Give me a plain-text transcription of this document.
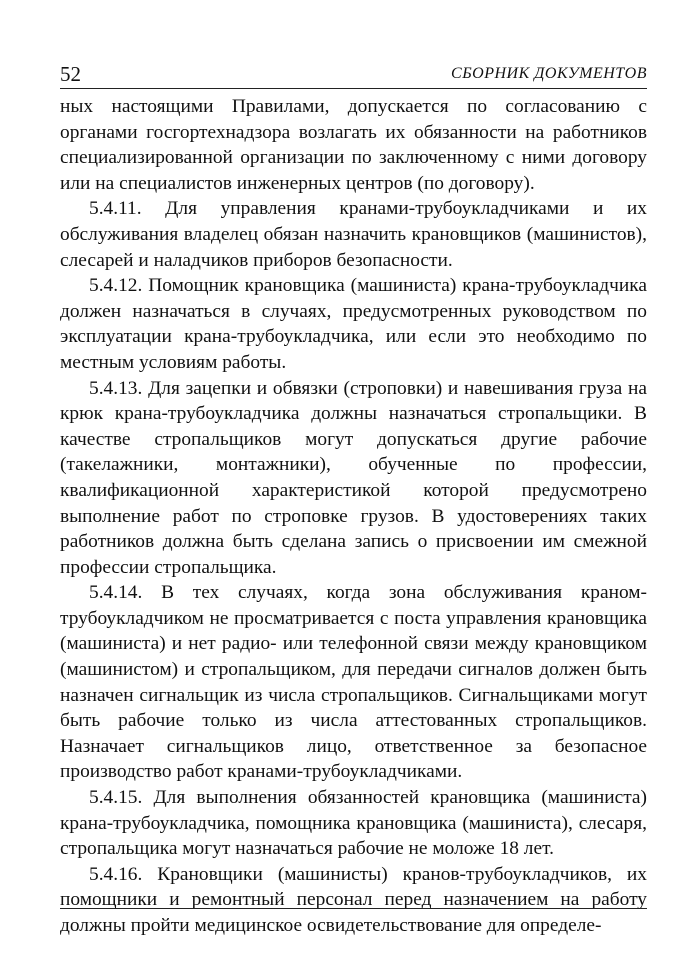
52	СБОРНИК ДОКУМЕНТОВ

ных настоящими Правилами, допускается по согласованию с органами госгортехнадзора возлагать их обязанности на работников специализированной организации по заключенному с ними договору или на специалистов инженерных центров (по договору).

5.4.11. Для управления кранами-трубоукладчиками и их обслуживания владелец обязан назначить крановщиков (машинистов), слесарей и наладчиков приборов безопасности.

5.4.12. Помощник крановщика (машиниста) крана-трубоукладчика должен назначаться в случаях, предусмотренных руководством по эксплуатации крана-трубоукладчика, или если это необходимо по местным условиям работы.

5.4.13. Для зацепки и обвязки (строповки) и навешивания груза на крюк крана-трубоукладчика должны назначаться стропальщики. В качестве стропальщиков могут допускаться другие рабочие (такелажники, монтажники), обученные по профессии, квалификационной характеристикой которой предусмотрено выполнение работ по строповке грузов. В удостоверениях таких работников должна быть сделана запись о присвоении им смежной профессии стропальщика.

5.4.14. В тех случаях, когда зона обслуживания краном-трубоукладчиком не просматривается с поста управления крановщика (машиниста) и нет радио- или телефонной связи между крановщиком (машинистом) и стропальщиком, для передачи сигналов должен быть назначен сигнальщик из числа стропальщиков. Сигнальщиками могут быть рабочие только из числа аттестованных стропальщиков. Назначает сигнальщиков лицо, ответственное за безопасное производство работ кранами-трубоукладчиками.

5.4.15. Для выполнения обязанностей крановщика (машиниста) крана-трубоукладчика, помощника крановщика (машиниста), слесаря, стропальщика могут назначаться рабочие не моложе 18 лет.

5.4.16. Крановщики (машинисты) кранов-трубоукладчиков, их помощники и ремонтный персонал перед назначением на работу должны пройти медицинское освидетельствование для определе-
